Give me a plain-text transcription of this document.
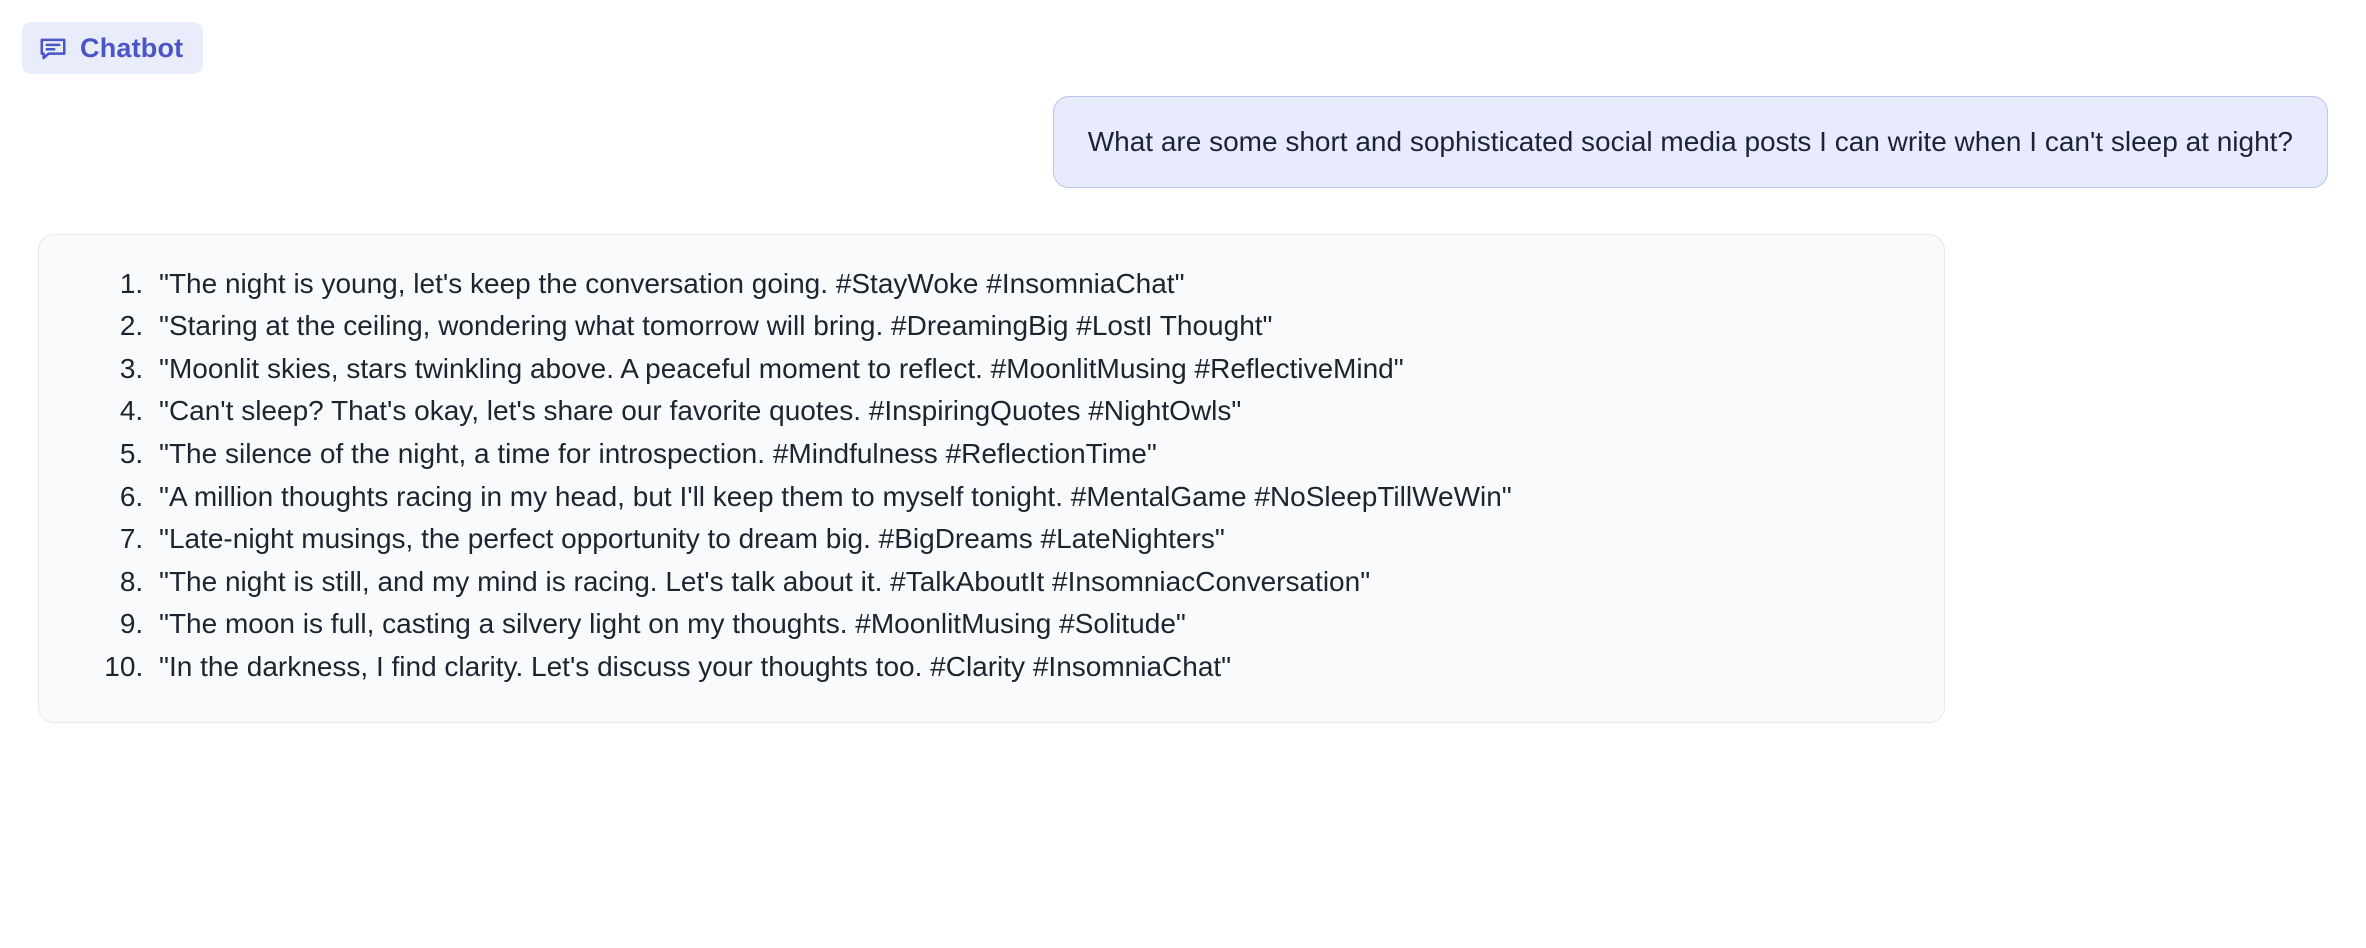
Chatbot
What are some short and sophisticated social media posts I can write when I can't sleep at night?
1. "The night is young, let's keep the conversation going. #StayWoke #InsomniaChat"
2. "Staring at the ceiling, wondering what tomorrow will bring. #DreamingBig #LostI Thought"
3. "Moonlit skies, stars twinkling above. A peaceful moment to reflect. #MoonlitMusing #ReflectiveMind"
4. "Can't sleep? That's okay, let's share our favorite quotes. #InspiringQuotes #NightOwls"
5. "The silence of the night, a time for introspection. #Mindfulness #ReflectionTime"
6. "A million thoughts racing in my head, but I'll keep them to myself tonight. #MentalGame #NoSleepTillWeWin"
7. "Late-night musings, the perfect opportunity to dream big. #BigDreams #LateNighters"
8. "The night is still, and my mind is racing. Let's talk about it. #TalkAboutIt #InsomniacConversation"
9. "The moon is full, casting a silvery light on my thoughts. #MoonlitMusing #Solitude"
10. "In the darkness, I find clarity. Let's discuss your thoughts too. #Clarity #InsomniaChat"
